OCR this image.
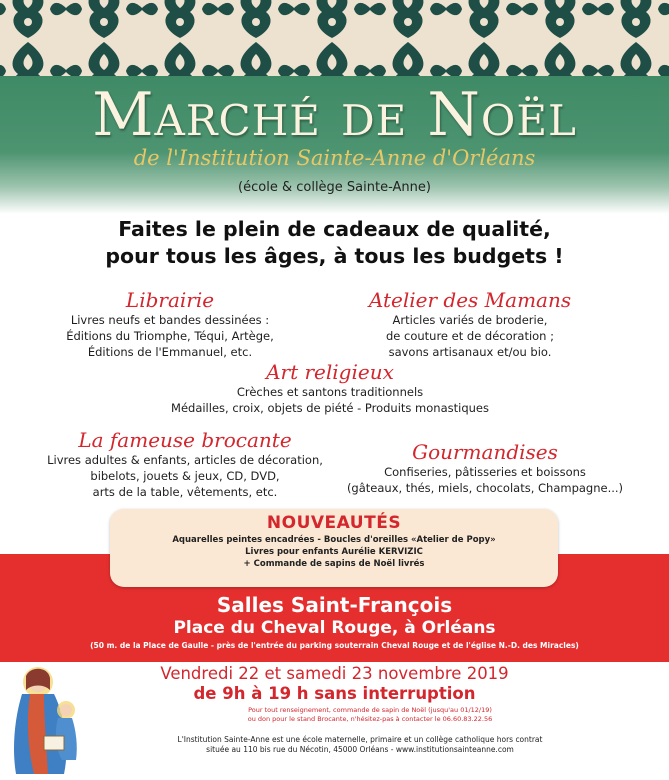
Marché de Noël
de l'Institution Sainte-Anne d'Orléans
(école & collège Sainte-Anne)
Faites le plein de cadeaux de qualité,
pour tous les âges, à tous les budgets !
Librairie

Livres neufs et bandes dessinées :

Éditions du Triomphe, Téqui, Artège,

Éditions de l'Emmanuel, etc.

Atelier des Mamans

Articles variés de broderie,

de couture et de décoration ;

savons artisanaux et/ou bio.

Art religieux

Crèches et santons traditionnels

Médailles, croix, objets de piété - Produits monastiques

La fameuse brocante

Livres adultes & enfants, articles de décoration,

bibelots, jouets & jeux, CD, DVD,

arts de la table, vêtements, etc.

Gourmandises

Confiseries, pâtisseries et boissons

(gâteaux, thés, miels, chocolats, Champagne...)

NOUVEAUTÉS

Aquarelles peintes encadrées - Boucles d'oreilles «Atelier de Popy»

Livres pour enfants Aurélie KERVIZIC

+ Commande de sapins de Noël livrés

Salles Saint-François
Place du Cheval Rouge, à Orléans
(50 m. de la Place de Gaulle - près de l'entrée du parking souterrain Cheval Rouge et de l'église N.-D. des Miracles)
Vendredi 22 et samedi 23 novembre 2019
de 9h à 19 h sans interruption
Pour tout renseignement, commande de sapin de Noël (jusqu'au 01/12/19)
ou don pour le stand Brocante, n'hésitez-pas à contacter le 06.60.83.22.56
L'Institution Sainte-Anne est une école maternelle, primaire et un collège catholique hors contrat
située au 110 bis rue du Nécotin, 45000 Orléans - www.institutionsainteanne.com
